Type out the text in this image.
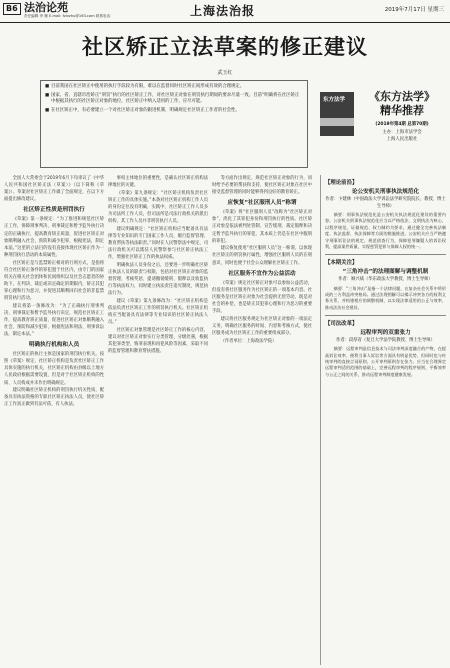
B6 法治论苑
责任编辑 李 姗 E-mail: fzlvzhu@163.com 联系电话：	上海法治报	2019年7月17日 星期三
社区矫正立法草案的修正建议
武玉红
■ 目前我国在社区矫正中使用的执行手段较为有限，难以在监督同时社区矫正间形成有效的合理规定。
■ 国家、省、直辖市治矫正“刑罚”执行的社区矫正工作，对社区矫正对象在刑罚执行期间的要求尽量一致。目前“明确将在社区矫正中根据其执行的社区矫正对象的地位，社区矫正中纳入适用的工作，应尽可能。
■ 在社区矫正中，有必要建立一个对社区矫正对象的跟进机制，明确规定社区矫正工作者的社会性。
东方法学	《东方法学》
精华推荐
(2019年第4期 总第70期)
主办：上海市法学会
上海人民出版社
全国人大常委会于2019年6月下旬审议了《中华人民共和国社区矫正法（草案）》（以下简称《草案》）。草案对社区矫正工作做了全面规定，在以下方面提出修改建议。
社区矫正性质是刑罚执行
《草案》第一条规定：“为了推进和规范社区矫正工作，保障刑事判决、刑事裁定和暂予监外执行决定的正确执行，提高教育矫正质量，促进社区矫正对象顺利融入社会，预防和减少犯罪，根据宪法，制定本法。”这里的立法目的没有直接体现社区矫正作为一种刑罚执行活动的本质属性。
社区矫正是与监禁矫正相对的行刑方式，是指将符合社区矫正条件的罪犯置于社区内，由专门的国家机关在相关社会团体和民间组织以及社会志愿者的协助下，在判决、裁定或决定确定的期限内，矫正其犯罪心理和行为恶习，并促进其顺利回归社会的非监禁刑罚执行活动。
建议将第一条修改为：“为了正确执行刑事判决、刑事裁定和暂予监外执行决定，规范社区矫正工作，提高教育矫正质量，促进社区矫正对象顺利融入社会，预防和减少犯罪，根据宪法和刑法、刑事诉讼法，制定本法。”
明确执行机构和人员
社区矫正的执行主体是国家的刑罚执行机关。按照《草案》规定，社区矫正机构是负责社区矫正工作具体实施的执行机关，社区矫正机构由县级以上地方人民政府根据需要设置，但是对于社区矫正机构的性质、人员构成并未作出明确规定。
建议明确社区矫正机构的刑罚执行机关性质，配备具有执法资格的专职社区矫正执法人员，使社区矫正工作真正做到有法可依、有人执法。
事权主体地位的重要性，是确认社区矫正机构法律地位的关键。
《草案》第九条规定：“社区矫正机构负责社区矫正工作的具体实施。”本条对社区矫正机构工作人员的身份定位没有明确，实践中，社区矫正工作人员多为司法所工作人员，但司法所是司法行政机关的派出机构，其工作人员并非刑罚执行人员。
建议明确规定：“社区矫正机构应当配备具有法律等专业知识的专门国家工作人员，履行监督管理、教育帮扶等执法职责。”同时在人民警察法中规定，司法行政机关可以派驻人民警察参与社区矫正执法工作，增强社区矫正工作的执法权威。
明确执法人员身份之后，还要进一步明确社区矫正执法人员的职责与权限，包括对社区矫正对象的监督管理、考核奖惩、提请撤销缓刑、假释以及收监执行等执法权力，同时建立执法责任追究制度，规范执法行为。
建议《草案》第九条修改为：“社区矫正机构是依法负责社区矫正工作的刑罚执行机关。社区矫正机构应当配备具有法律等专业知识的社区矫正执法人员。”
社区矫正对象管理是社区矫正工作的核心内容，建议对社区矫正对象实行分类管理、分级处遇，根据其犯罪类型、悔罪表现和再犯风险等因素，采取不同的监督管理和教育帮扶措施。
等方面作出规定，规范社区矫正对象的行为，同时给予必要的帮扶和支持，使社区矫正对象在社区中接受监督管理的同时能够得到良好的教育矫正。
应恢复“社区服刑人员”称谓
《草案》将“社区服刑人员”改称为“社区矫正对象”，淡化了其罪犯身份和刑罚执行的性质。社区矫正对象是依法被判处管制、宣告缓刑、裁定假释和决定暂予监外执行的罪犯，其本质上仍是在社区中服刑的罪犯。
建议恢复使用“社区服刑人员”这一称谓，以体现社区矫正的刑罚执行属性，增强社区服刑人员的在刑意识，同时也便于社会公众理解社区矫正工作。
社区服务不宜作为公益活动
《草案》规定社区矫正对象可以参加公益活动，但没有将社区服务作为社区矫正的一项基本内容。社区服务是社区矫正对象为社会提供无偿劳动，既是对社会的补偿，也是矫正其犯罪心理和行为恶习的重要手段。
建议将社区服务规定为社区矫正对象的一项法定义务，明确社区服务的时间、内容和考核方式，使社区服务成为社区矫正工作的重要组成部分。
（作者单位：上海政法学院）
【理论前沿】
论公安机关刑事执法规范化
作者：卞建林（中国政法大学诉讼法学研究院院长、教授、博士生导师）
摘要：刑事执法规范化是公安机关执法规范化建设的重要内容。公安机关刑事执法规范化应当以严格依法、文明执法为核心，以程序规范、证据规范、权力制约为要求，通过健全完善执法制度、执法监督、执法保障等方面的措施推进。公安机关应当严格遵守刑事诉讼法的规定，规范侦查行为，保障犯罪嫌疑人的诉讼权利，提高案件质量，实现惩罚犯罪与保障人权的统一。
【本期关注】
“三角冲击”的法理图解与调整机制
作者：顾兴斌（华东政法大学教授、博士生导师）
摘要：“三角冲击”是指一个法律问题，在复杂社会关系中所形成的三方利益冲突格局。通过法理图解可以揭示冲突各方的权利义务关系，并构建相应的调整机制，以实现法律适用的公正与效率，推动法治社会建设。
【司法改革】
远程审判的双重张力
作者：段厚省（复旦大学法学院教授、博士生导师）
摘要：远程审判是信息技术与司法审判深度融合的产物，在提高诉讼效率、便利当事人诉讼等方面具有明显优势，但同时也与传统审判的直接言词原则、公开审判原则存在张力。应当在合理界定远程审判适用范围的基础上，完善远程审判的程序规则，平衡效率与公正之间的关系，推动远程审判制度健康发展。
